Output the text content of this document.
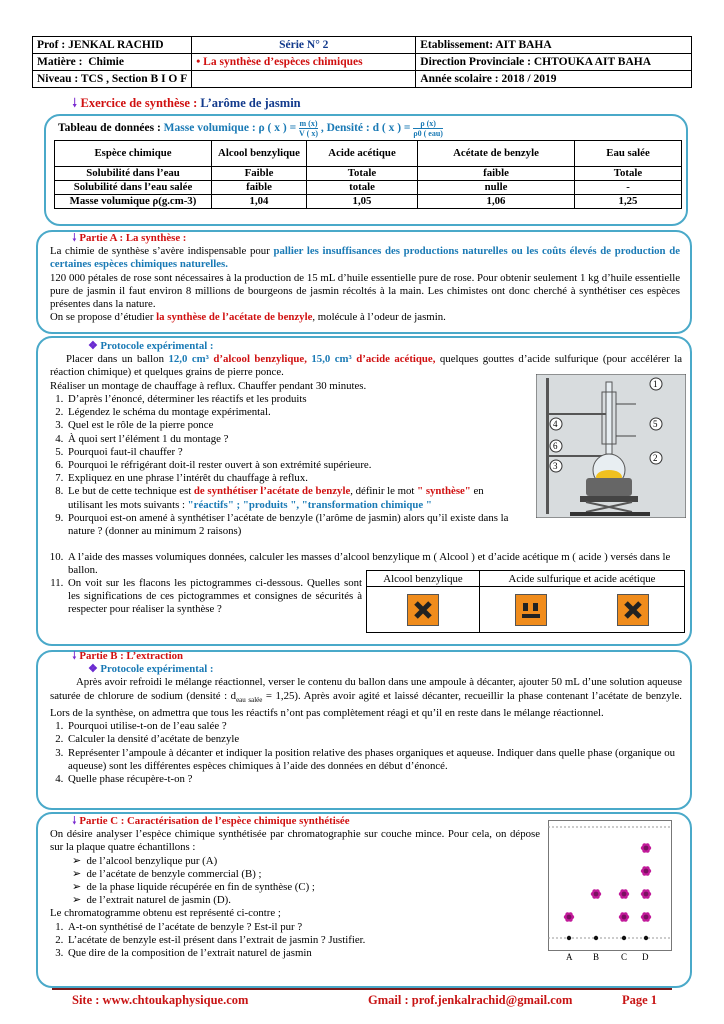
Prof : JENKAL RACHID	Série N° 2	Etablissement: AIT BAHA
Matière : Chimie	• La synthèse d’espèces chimiques	Direction Provinciale : CHTOUKA AIT BAHA
Niveau : TCS , Section B I O F		Année scolaire : 2018 / 2019
🠗 Exercice de synthèse : L’arôme de jasmin
Tableau de données : Masse volumique : ρ ( x ) = $\frac{m (x)}{V ( x)}$ , Densité : d ( x ) =	ρ (x)
ρ0 ( eau)
Espèce chimique	Alcool benzylique	Acide acétique	Acétate de benzyle	Eau salée
Solubilité dans l’eau	Faible	Totale	faible	Totale
Solubilité dans l’eau salée	faible	totale	nulle	-
Masse volumique ρ(g.cm-3)	1,04	1,05	1,06	1,25

🠗 Partie A : La synthèse :

La chimie de synthèse s’avère indispensable pour pallier les insuffisances des productions naturelles ou les coûts élevés de production de certaines espèces chimiques naturelles.

120 000 pétales de rose sont nécessaires à la production de 15 mL d’huile essentielle pure de rose. Pour obtenir seulement 1 kg d’huile essentielle pure de jasmin il faut environ 8 millions de bourgeons de jasmin récoltés à la main. Les chimistes ont donc cherché à synthétiser ces espèces présentes dans la nature.

On se propose d’étudier la synthèse de l’acétate de benzyle, molécule à l’odeur de jasmin.

❖ Protocole expérimental :

Placer dans un ballon 12,0 cm³ d’alcool benzylique, 15,0 cm³ d’acide acétique, quelques gouttes d’acide sulfurique (pour accélérer la réaction chimique) et quelques grains de pierre ponce.

Réaliser un montage de chauffage à reflux. Chauffer pendant 30 minutes.

1. D’après l’énoncé, déterminer les réactifs et les produits
2. Légendez le schéma du montage expérimental.
3. Quel est le rôle de la pierre ponce
4. À quoi sert l’élément 1 du montage ?
5. Pourquoi faut-il chauffer ?
6. Pourquoi le réfrigérant doit-il rester ouvert à son extrémité supérieure.
7. Expliquez en une phrase l’intérêt du chauffage à reflux.
8. Le but de cette technique est de synthétiser l’acétate de benzyle, définir le mot " synthèse" en utilisant les mots suivants : "réactifs" ; "produits ", "transformation chimique "
9. Pourquoi est-on amené à synthétiser l’acétate de benzyle (l’arôme de jasmin) alors qu’il existe dans la nature ? (donner au minimum 2 raisons)
10. A l’aide des masses volumiques données, calculer les masses d’alcool benzylique m ( Alcool ) et d’acide acétique m ( acide ) versés dans le ballon.
11. On voit sur les flacons les pictogrammes ci-dessous. Quelles sont les significations de ces pictogrammes et consignes de sécurités à respecter pour réaliser la synthèse ?
1
2
3
4	5
6
Alcool benzylique	Acide sulfurique et acide acétique	

🠗 Partie B : L’extraction

❖ Protocole expérimental :

Après avoir refroidi le mélange réactionnel, verser le contenu du ballon dans une ampoule à décanter, ajouter 50 mL d’une solution aqueuse saturée de chlorure de sodium (densité : $d_{eau salée} = 1,25$). Après avoir agité et laissé décanter, recueillir la phase contenant l’acétate de benzyle. Lors de la synthèse, on admettra que tous les réactifs n’ont pas complètement réagi et qu’il en reste dans le mélange réactionnel.

1. Pourquoi utilise-t-on de l’eau salée ?
2. Calculer la densité d’acétate de benzyle
3. Représenter l’ampoule à décanter et indiquer la position relative des phases organiques et aqueuse. Indiquer dans quelle phase (organique ou aqueuse) sont les différentes espèces chimiques à l’aide des données en début d’énoncé.
4. Quelle phase récupère-t-on ?

🠗 Partie C : Caractérisation de l’espèce chimique synthétisée

On désire analyser l’espèce chimique synthétisée par chromatographie sur couche mince. Pour cela, on dépose sur la plaque quatre échantillons :

➢ de l’alcool benzylique pur (A)

➢ de l’acétate de benzyle commercial (B) ;

➢ de la phase liquide récupérée en fin de synthèse (C) ;

➢ de l’extrait naturel de jasmin (D).

Le chromatogramme obtenu est représenté ci-contre ;

1. A-t-on synthétisé de l’acétate de benzyle ? Est-il pur ?
2. L’acétate de benzyle est-il présent dans l’extrait de jasmin ? Justifier.
3. Que dire de la composition de l’extrait naturel de jasmin	A B C D
Site : www.chtoukaphysique.com	Gmail : prof.jenkalrachid@gmail.com	Page 1
